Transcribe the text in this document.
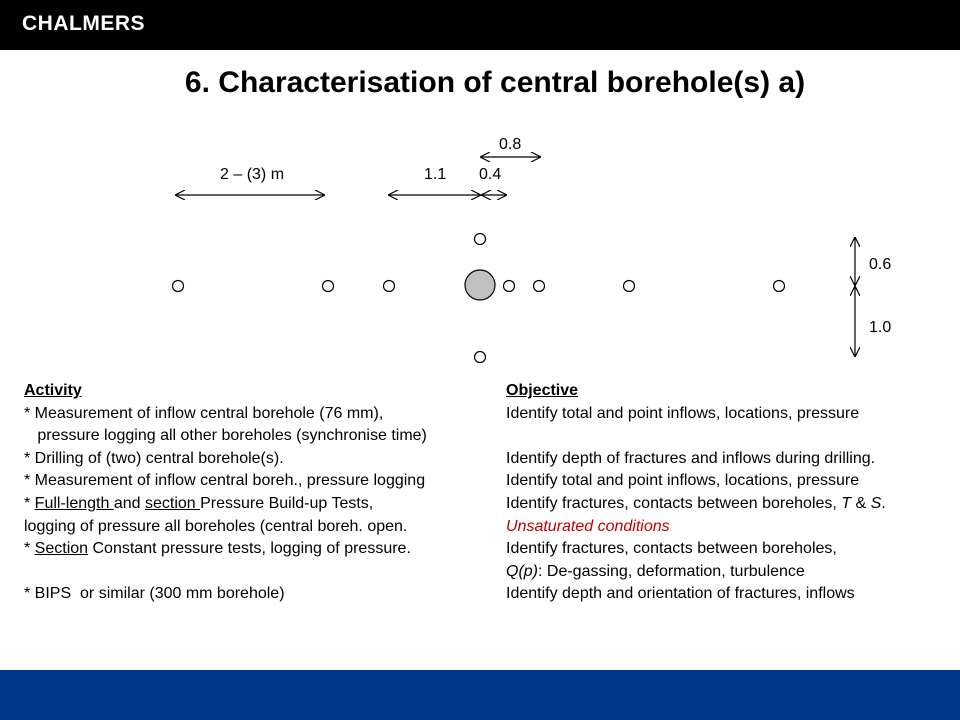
CHALMERS
6. Characterisation of central borehole(s) a)
0.8
2 – (3) m	1.1 0.4
0.6
1.0
Activity	Objective
* Measurement of inflow central borehole (76 mm),	Identify total and point inflows, locations, pressure
pressure logging all other boreholes (synchronise time)
* Drilling of (two) central borehole(s).	Identify depth of fractures and inflows during drilling.
* Measurement of inflow central boreh., pressure logging	Identify total and point inflows, locations, pressure
* Full-length and section Pressure Build-up Tests,	Identify fractures, contacts between boreholes, T & S.
logging of pressure all boreholes (central boreh. open.	Unsaturated conditions
* Section Constant pressure tests, logging of pressure.	Identify fractures, contacts between boreholes,
Q(p): De-gassing, deformation, turbulence
* BIPS  or similar (300 mm borehole)	Identify depth and orientation of fractures, inflows
